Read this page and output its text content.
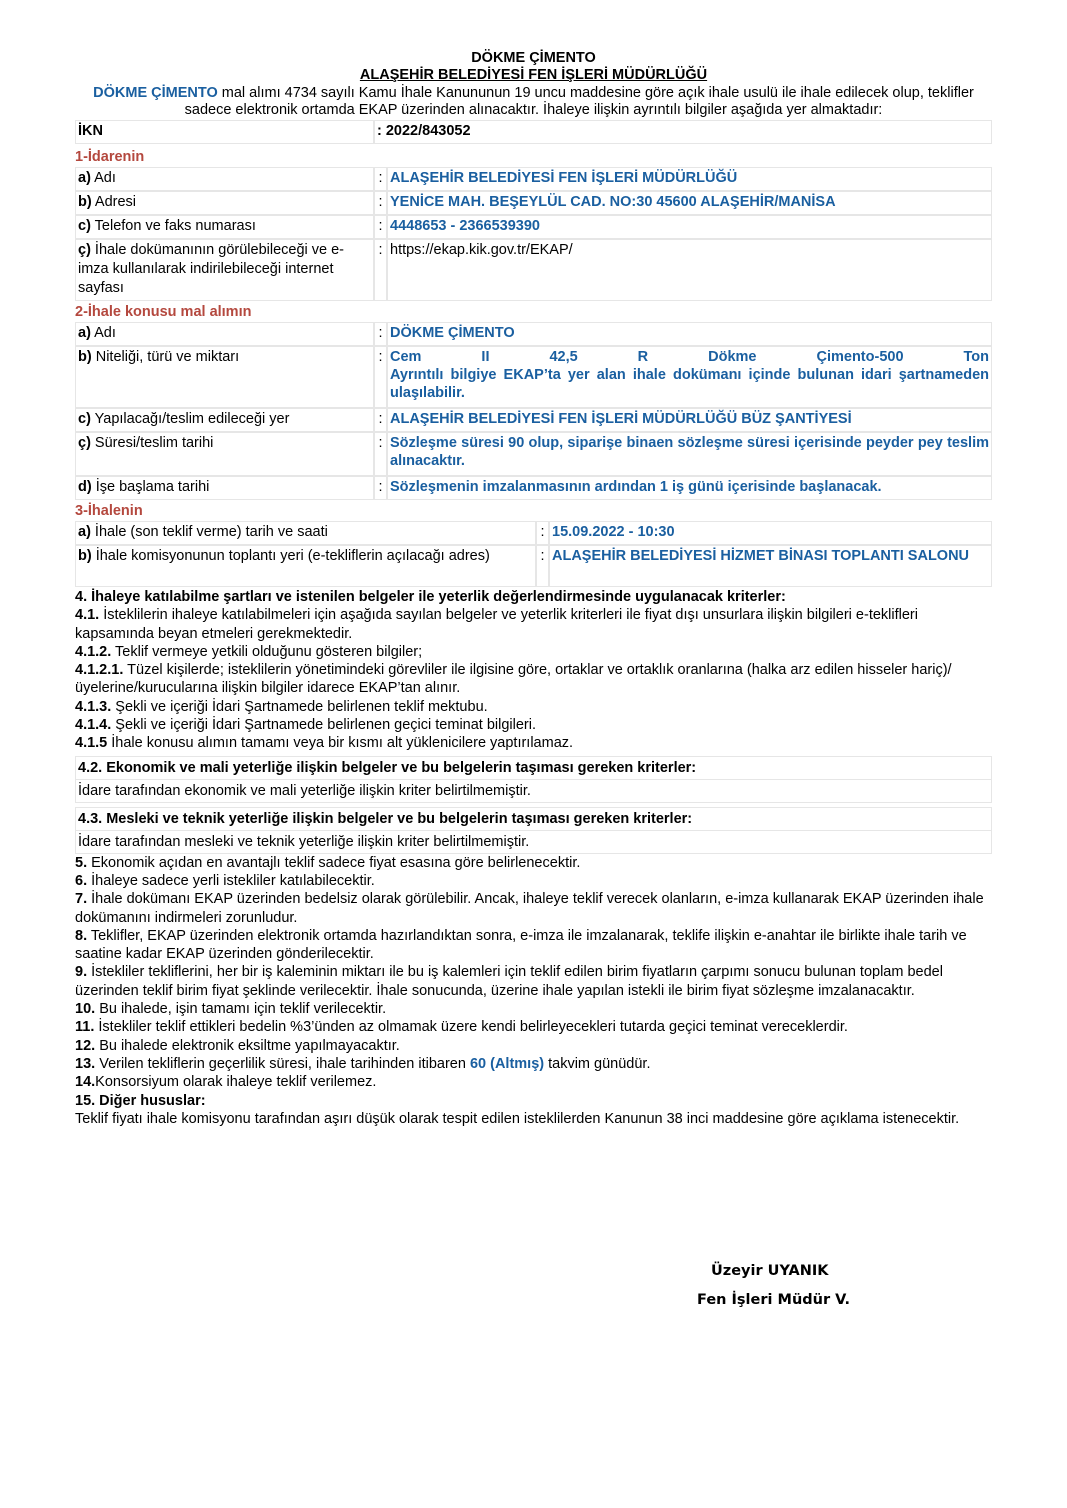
DÖKME ÇİMENTO
ALAŞEHİR BELEDİYESİ FEN İŞLERİ MÜDÜRLÜĞÜ
DÖKME ÇİMENTO mal alımı 4734 sayılı Kamu İhale Kanununun 19 uncu maddesine göre açık ihale usulü ile ihale edilecek olup, teklifler sadece elektronik ortamda EKAP üzerinden alınacaktır. İhaleye ilişkin ayrıntılı bilgiler aşağıda yer almaktadır:
İKN	: 2022/843052
1-İdarenin
a) Adı	:	ALAŞEHİR BELEDİYESİ FEN İŞLERİ MÜDÜRLÜĞÜ
b) Adresi	:	YENİCE MAH. BEŞEYLÜL CAD. NO:30 45600 ALAŞEHİR/MANİSA
c) Telefon ve faks numarası	:	4448653 - 2366539390
ç) İhale dokümanının görülebileceği ve e-imza kullanılarak indirilebileceği internet sayfası	:	https://ekap.kik.gov.tr/EKAP/
2-İhale konusu mal alımın
a) Adı	:	DÖKME ÇİMENTO
b) Niteliği, türü ve miktarı	:	Cem II 42,5 R Dökme Çimento-500 Ton
Ayrıntılı bilgiye EKAP’ta yer alan ihale dokümanı içinde bulunan idari şartnameden ulaşılabilir.

c) Yapılacağı/teslim edileceği yer	:	ALAŞEHİR BELEDİYESİ FEN İŞLERİ MÜDÜRLÜĞÜ BÜZ ŞANTİYESİ
ç) Süresi/teslim tarihi	:	Sözleşme süresi 90 olup, siparişe binaen sözleşme süresi içerisinde peyder pey teslim alınacaktır.
d) İşe başlama tarihi	:	Sözleşmenin imzalanmasının ardından 1 iş günü içerisinde başlanacak.
3-İhalenin
a) İhale (son teklif verme) tarih ve saati	:	15.09.2022 - 10:30
b) İhale komisyonunun toplantı yeri (e-tekliflerin açılacağı adres)	:	ALAŞEHİR BELEDİYESİ HİZMET BİNASI TOPLANTI SALONU
4. İhaleye katılabilme şartları ve istenilen belgeler ile yeterlik değerlendirmesinde uygulanacak kriterler:
4.1. İsteklilerin ihaleye katılabilmeleri için aşağıda sayılan belgeler ve yeterlik kriterleri ile fiyat dışı unsurlara ilişkin bilgileri e-teklifleri kapsamında beyan etmeleri gerekmektedir.
4.1.2. Teklif vermeye yetkili olduğunu gösteren bilgiler;
4.1.2.1. Tüzel kişilerde; isteklilerin yönetimindeki görevliler ile ilgisine göre, ortaklar ve ortaklık oranlarına (halka arz edilen hisseler hariç)/üyelerine/kurucularına ilişkin bilgiler idarece EKAP’tan alınır.
4.1.3. Şekli ve içeriği İdari Şartnamede belirlenen teklif mektubu.
4.1.4. Şekli ve içeriği İdari Şartnamede belirlenen geçici teminat bilgileri.
4.1.5 İhale konusu alımın tamamı veya bir kısmı alt yüklenicilere yaptırılamaz.
4.2. Ekonomik ve mali yeterliğe ilişkin belgeler ve bu belgelerin taşıması gereken kriterler:
İdare tarafından ekonomik ve mali yeterliğe ilişkin kriter belirtilmemiştir.
4.3. Mesleki ve teknik yeterliğe ilişkin belgeler ve bu belgelerin taşıması gereken kriterler:
İdare tarafından mesleki ve teknik yeterliğe ilişkin kriter belirtilmemiştir.
5. Ekonomik açıdan en avantajlı teklif sadece fiyat esasına göre belirlenecektir.
6. İhaleye sadece yerli istekliler katılabilecektir.
7. İhale dokümanı EKAP üzerinden bedelsiz olarak görülebilir. Ancak, ihaleye teklif verecek olanların, e-imza kullanarak EKAP üzerinden ihale dokümanını indirmeleri zorunludur.
8. Teklifler, EKAP üzerinden elektronik ortamda hazırlandıktan sonra, e-imza ile imzalanarak, teklife ilişkin e-anahtar ile birlikte ihale tarih ve saatine kadar EKAP üzerinden gönderilecektir.
9. İstekliler tekliflerini, her bir iş kaleminin miktarı ile bu iş kalemleri için teklif edilen birim fiyatların çarpımı sonucu bulunan toplam bedel üzerinden teklif birim fiyat şeklinde verilecektir. İhale sonucunda, üzerine ihale yapılan istekli ile birim fiyat sözleşme imzalanacaktır.
10. Bu ihalede, işin tamamı için teklif verilecektir.
11. İstekliler teklif ettikleri bedelin %3’ünden az olmamak üzere kendi belirleyecekleri tutarda geçici teminat vereceklerdir.
12. Bu ihalede elektronik eksiltme yapılmayacaktır.
13. Verilen tekliflerin geçerlilik süresi, ihale tarihinden itibaren 60 (Altmış) takvim günüdür.
14.Konsorsiyum olarak ihaleye teklif verilemez.
15. Diğer hususlar:
Teklif fiyatı ihale komisyonu tarafından aşırı düşük olarak tespit edilen isteklilerden Kanunun 38 inci maddesine göre açıklama istenecektir.
Üzeyir UYANIK
Fen İşleri Müdür V.
